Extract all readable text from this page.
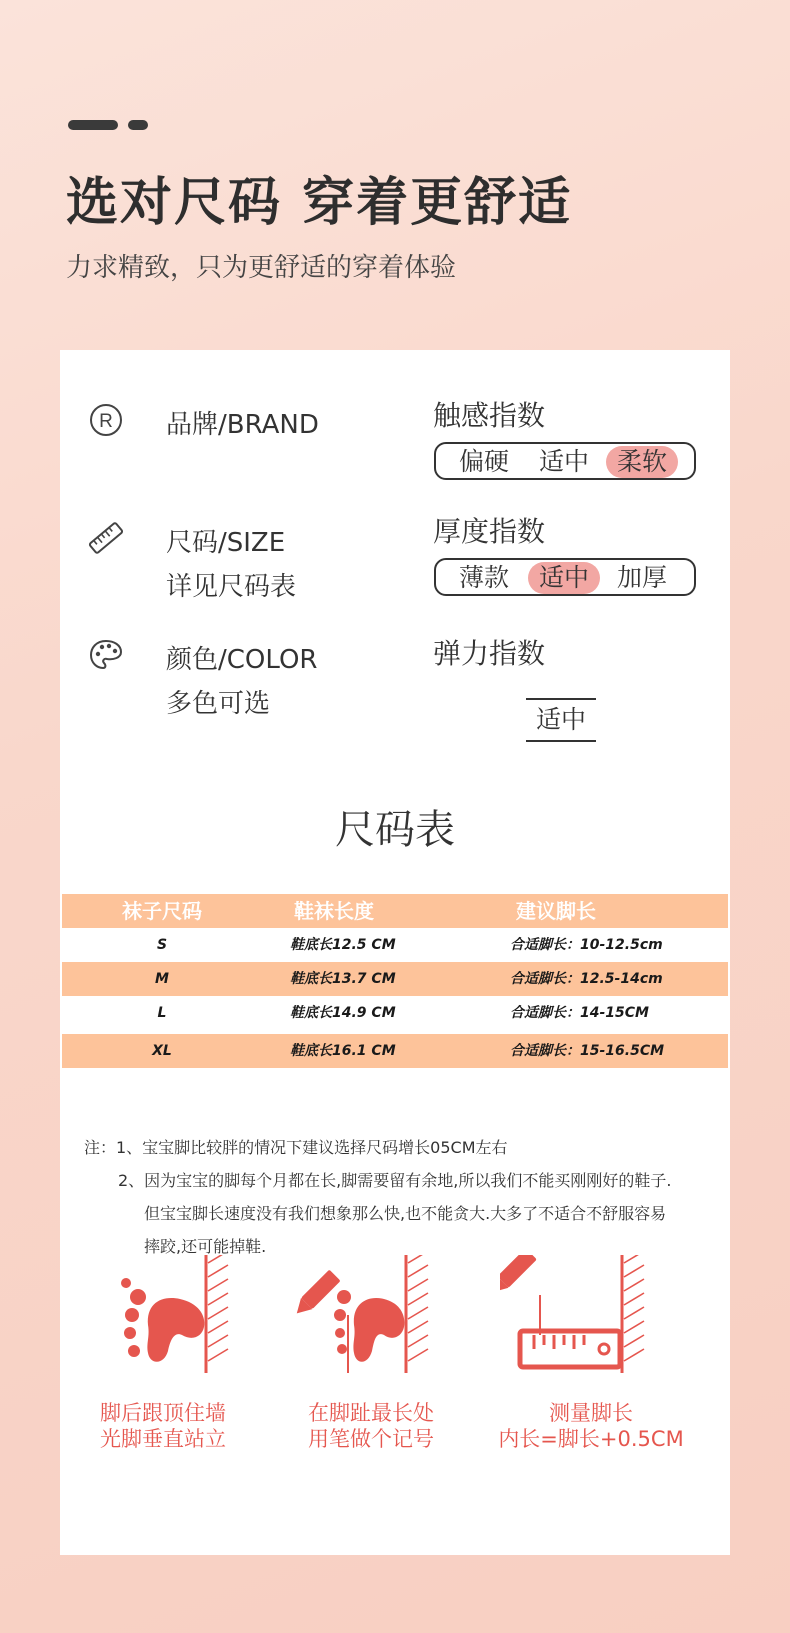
选对尺码 穿着更舒适
力求精致，只为更舒适的穿着体验
R 品牌/BRAND
尺码/SIZE
详见尺码表
颜色/COLOR
多色可选
触感指数
偏硬	适中	柔软
厚度指数
薄款	适中	加厚
弹力指数
适中
尺码表
袜子尺码	鞋袜长度	建议脚长
S	鞋底长12.5 CM	合适脚长：10-12.5cm
M	鞋底长13.7 CM	合适脚长：12.5-14cm
L	鞋底长14.9 CM	合适脚长：14-15CM
XL	鞋底长16.1 CM	合适脚长：15-16.5CM
注：1、宝宝脚比较胖的情况下建议选择尺码增长05CM左右
2、因为宝宝的脚每个月都在长,脚需要留有余地,所以我们不能买刚刚好的鞋子.
但宝宝脚长速度没有我们想象那么快,也不能贪大.大多了不适合不舒服容易
摔跤,还可能掉鞋.
脚后跟顶住墙
光脚垂直站立
在脚趾最长处
用笔做个记号
测量脚长
内长=脚长+0.5CM
